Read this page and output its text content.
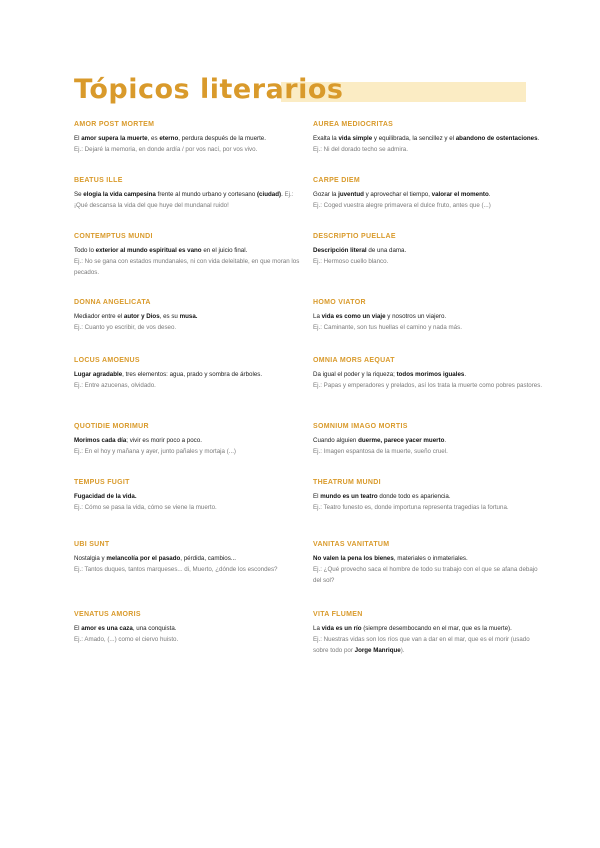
Tópicos literarios
AMOR POST MORTEM

El amor supera la muerte, es eterno, perdura después de la muerte.

Ej.: Dejaré la memoria, en donde ardía / por vos nací, por vos vivo.

BEATUS ILLE

Se elogia la vida campesina frente al mundo urbano y cortesano (ciudad). Ej.: ¡Qué descansa la vida del que huye del mundanal ruido!

CONTEMPTUS MUNDI

Todo lo exterior al mundo espiritual es vano en el juicio final.

Ej.: No se gana con estados mundanales, ni con vida deleitable, en que moran los pecados.

DONNA ANGELICATA

Mediador entre el autor y Dios, es su musa.

Ej.: Cuanto yo escribir, de vos deseo.

LOCUS AMOENUS

Lugar agradable, tres elementos: agua, prado y sombra de árboles.

Ej.: Entre azucenas, olvidado.

QUOTIDIE MORIMUR

Morimos cada día; vivir es morir poco a poco.

Ej.: En el hoy y mañana y ayer, junto pañales y mortaja (...)

TEMPUS FUGIT

Fugacidad de la vida.

Ej.: Cómo se pasa la vida, cómo se viene la muerto.

UBI SUNT

Nostalgia y melancolía por el pasado, pérdida, cambios...

Ej.: Tantos duques, tantos marqueses... di, Muerto, ¿dónde los escondes?

VENATUS AMORIS

El amor es una caza, una conquista.

Ej.: Amado, (...) como el ciervo huisto.

AUREA MEDIOCRITAS

Exalta la vida simple y equilibrada, la sencillez y el abandono de ostentaciones. Ej.: Ni del dorado techo se admira.

CARPE DIEM

Gozar la juventud y aprovechar el tiempo, valorar el momento.

Ej.: Coged vuestra alegre primavera el dulce fruto, antes que (...)

DESCRIPTIO PUELLAE

Descripción literal de una dama.

Ej.: Hermoso cuello blanco.

HOMO VIATOR

La vida es como un viaje y nosotros un viajero.

Ej.: Caminante, son tus huellas el camino y nada más.

OMNIA MORS AEQUAT

Da igual el poder y la riqueza; todos morimos iguales.

Ej.: Papas y emperadores y prelados, así los trata la muerte como pobres pastores.

SOMNIUM IMAGO MORTIS

Cuando alguien duerme, parece yacer muerto.

Ej.: Imagen espantosa de la muerte, sueño cruel.

THEATRUM MUNDI

El mundo es un teatro donde todo es apariencia.

Ej.: Teatro funesto es, donde importuna representa tragedias la fortuna.

VANITAS VANITATUM

No valen la pena los bienes, materiales o inmateriales.

Ej.: ¿Qué provecho saca el hombre de todo su trabajo con el que se afana debajo del sol?

VITA FLUMEN

La vida es un río (siempre desembocando en el mar, que es la muerte).

Ej.: Nuestras vidas son los ríos que van a dar en el mar, que es el morir (usado sobre todo por Jorge Manrique).
